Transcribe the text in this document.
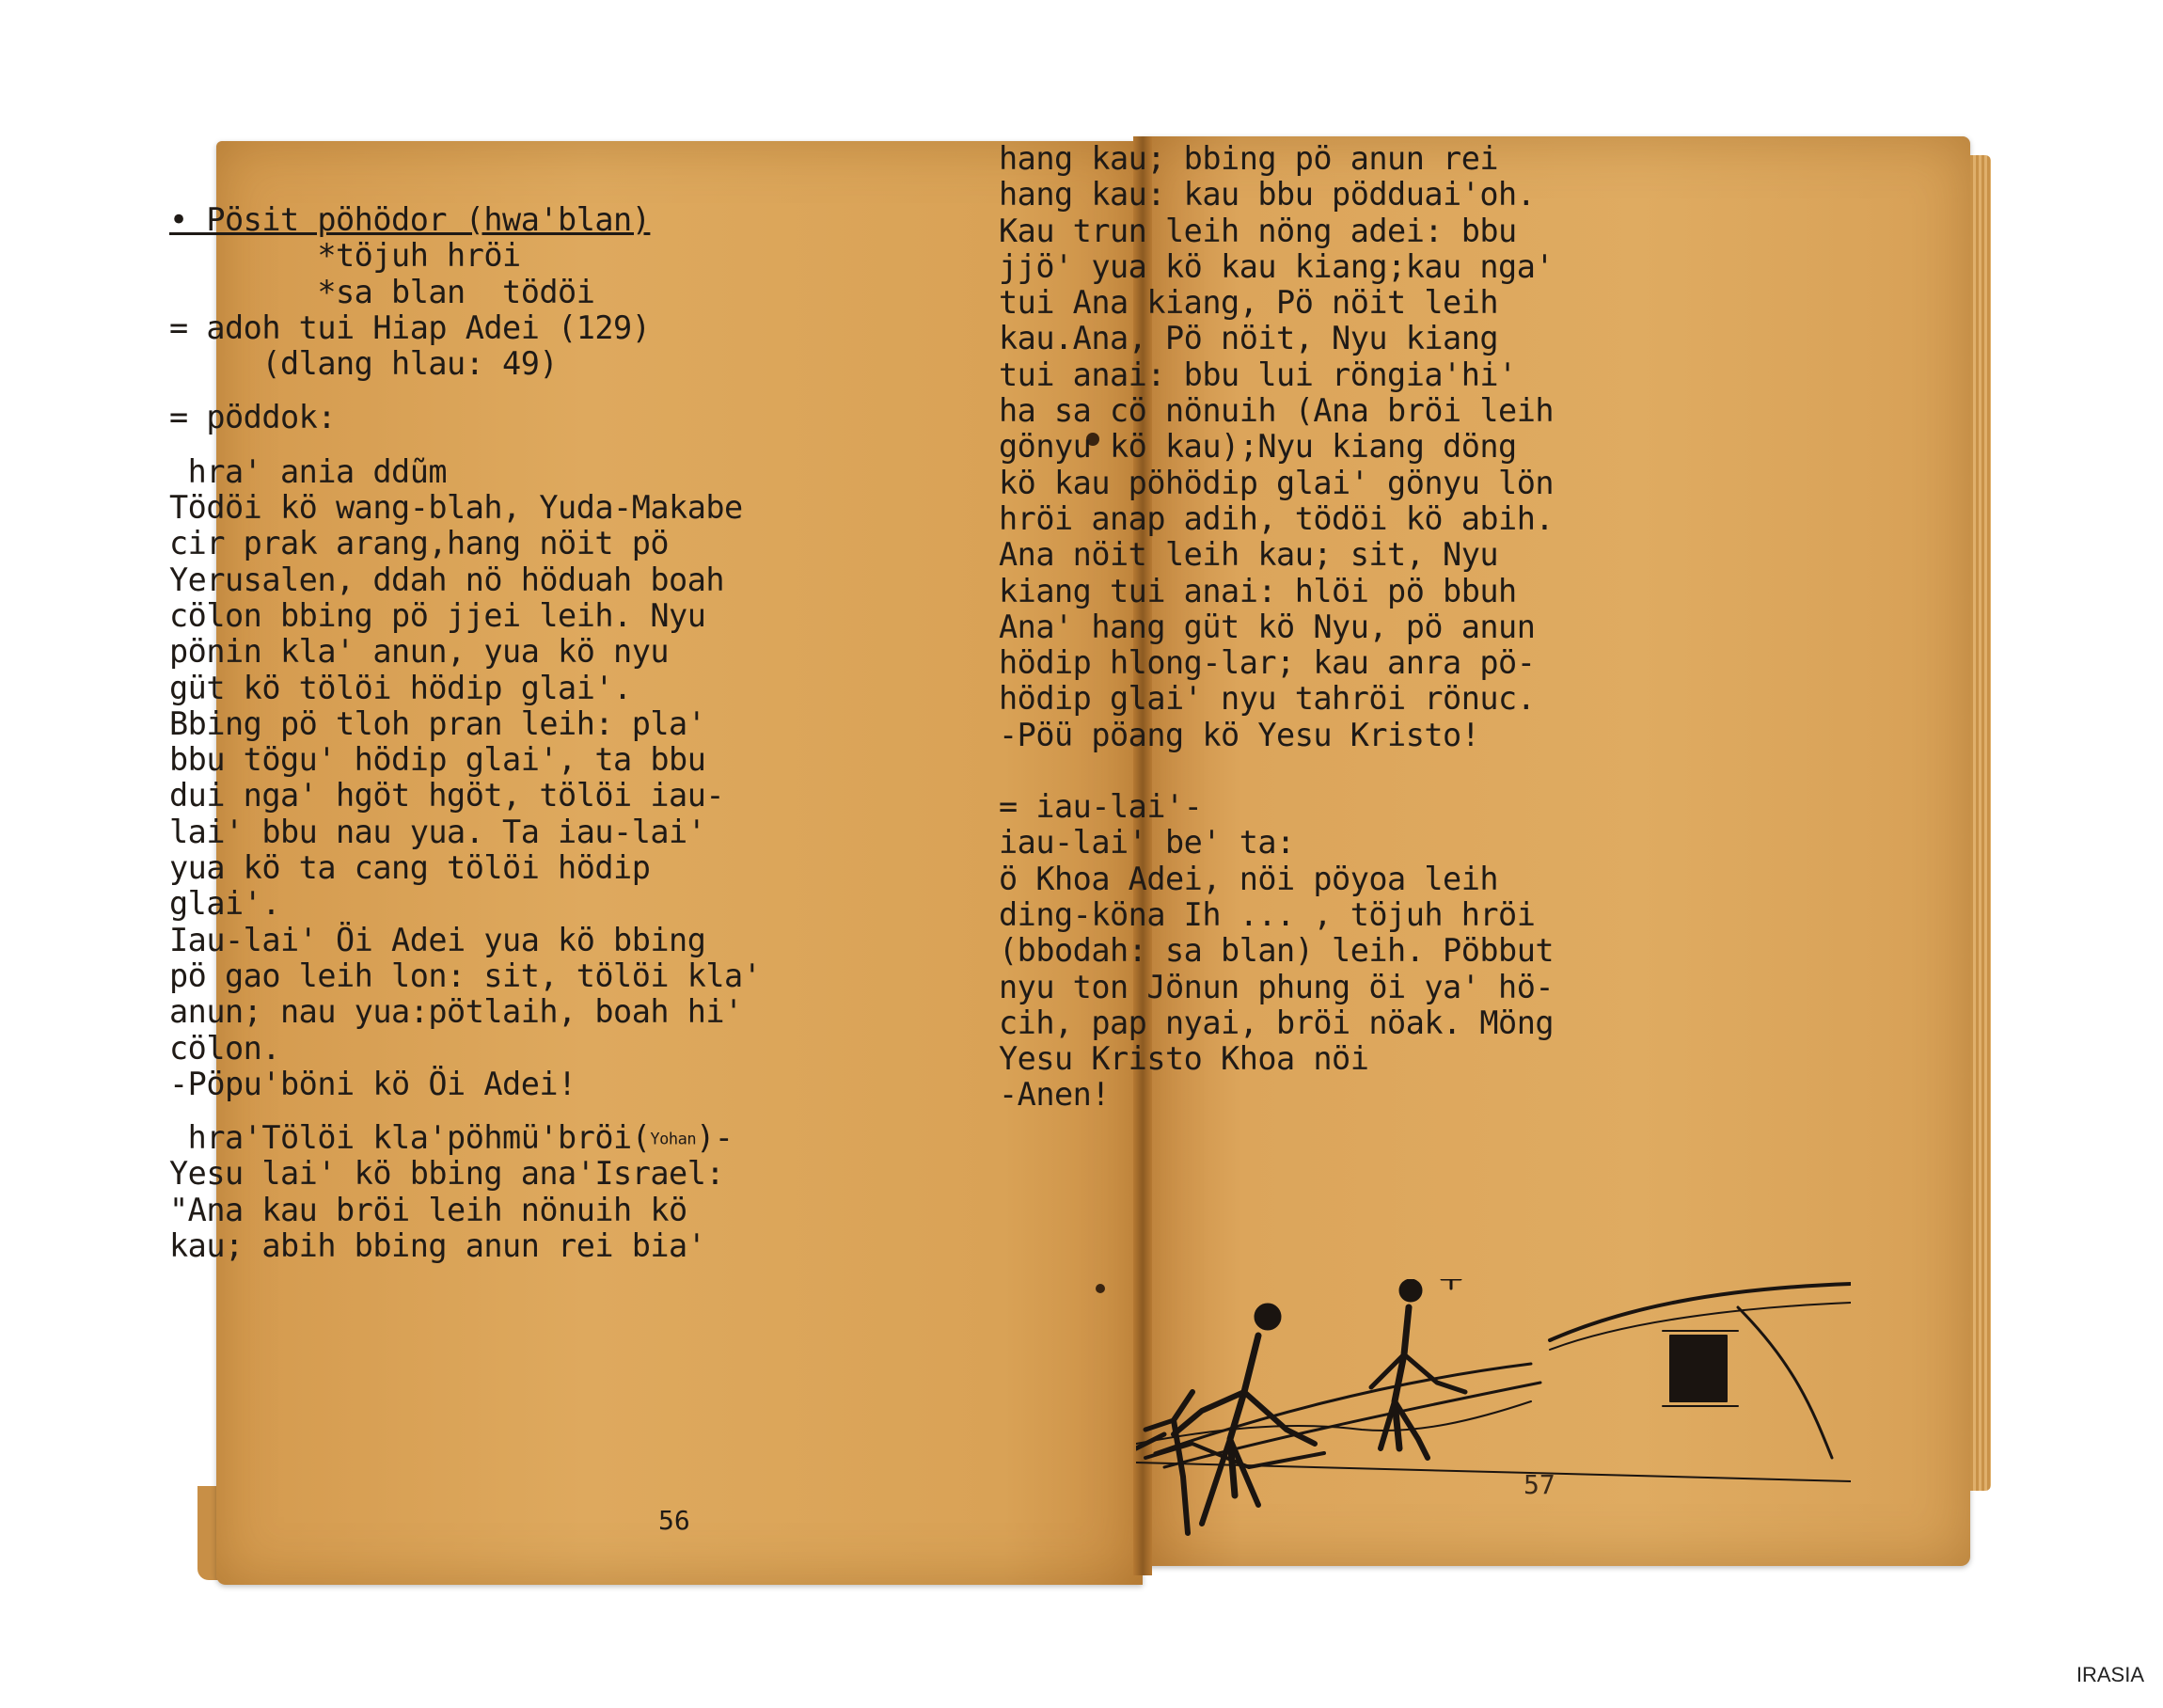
• Pösit pöhödor (hwa'blan)
*töjuh hröi
*sa blan  tödöi
= adoh tui Hiap Adei (129)
(dlang hlau: 49)
= pöddok:
hra' ania ddũm
Tödöi kö wang-blah, Yuda-Makabe
cir prak arang,hang nöit pö
Yerusalen, ddah nö höduah boah
cölon bbing pö jjei leih. Nyu
pönin kla' anun, yua kö nyu
güt kö tölöi hödip glai'.
Bbing pö tloh pran leih: pla'
bbu tögu' hödip glai', ta bbu
dui nga' hgöt hgöt, tölöi iau-
lai' bbu nau yua. Ta iau-lai'
yua kö ta cang tölöi hödip
glai'.
Iau-lai' Öi Adei yua kö bbing
pö gao leih lon: sit, tölöi kla'
anun; nau yua:pötlaih, boah hi'
cölon.
-Pöpu'böni kö Öi Adei!
hra'Tölöi kla'pöhmü'bröi(Yohan)-
Yesu lai' kö bbing ana'Israel:
"Ana kau bröi leih nönuih kö
kau; abih bbing anun rei bia'
hang kau; bbing pö anun rei
hang kau: kau bbu pödduai'oh.
Kau trun leih nöng adei: bbu
jjö' yua kö kau kiang;kau nga'
tui Ana kiang, Pö nöit leih
kau.Ana, Pö nöit, Nyu kiang
tui anai: bbu lui röngia'hi'
ha sa cö nönuih (Ana bröi leih
gönyu kö kau);Nyu kiang döng
kö kau pöhödip glai' gönyu lön
hröi anap adih, tödöi kö abih.
Ana nöit leih kau; sit, Nyu
kiang tui anai: hlöi pö bbuh
Ana' hang güt kö Nyu, pö anun
hödip hlong-lar; kau anra pö-
hödip glai' nyu tahröi rönuc.
-Pöü pöang kö Yesu Kristo!
= iau-lai'-
iau-lai' be' ta:
ö Khoa Adei, nöi pöyoa leih
ding-köna Ih ... , töjuh hröi
(bbodah: sa blan) leih. Pöbbut
nyu ton Jönun phung öi ya' hö-
cih, pap nyai, bröi nöak. Möng
Yesu Kristo Khoa nöi
-Anen!
56
57
IRASIA
